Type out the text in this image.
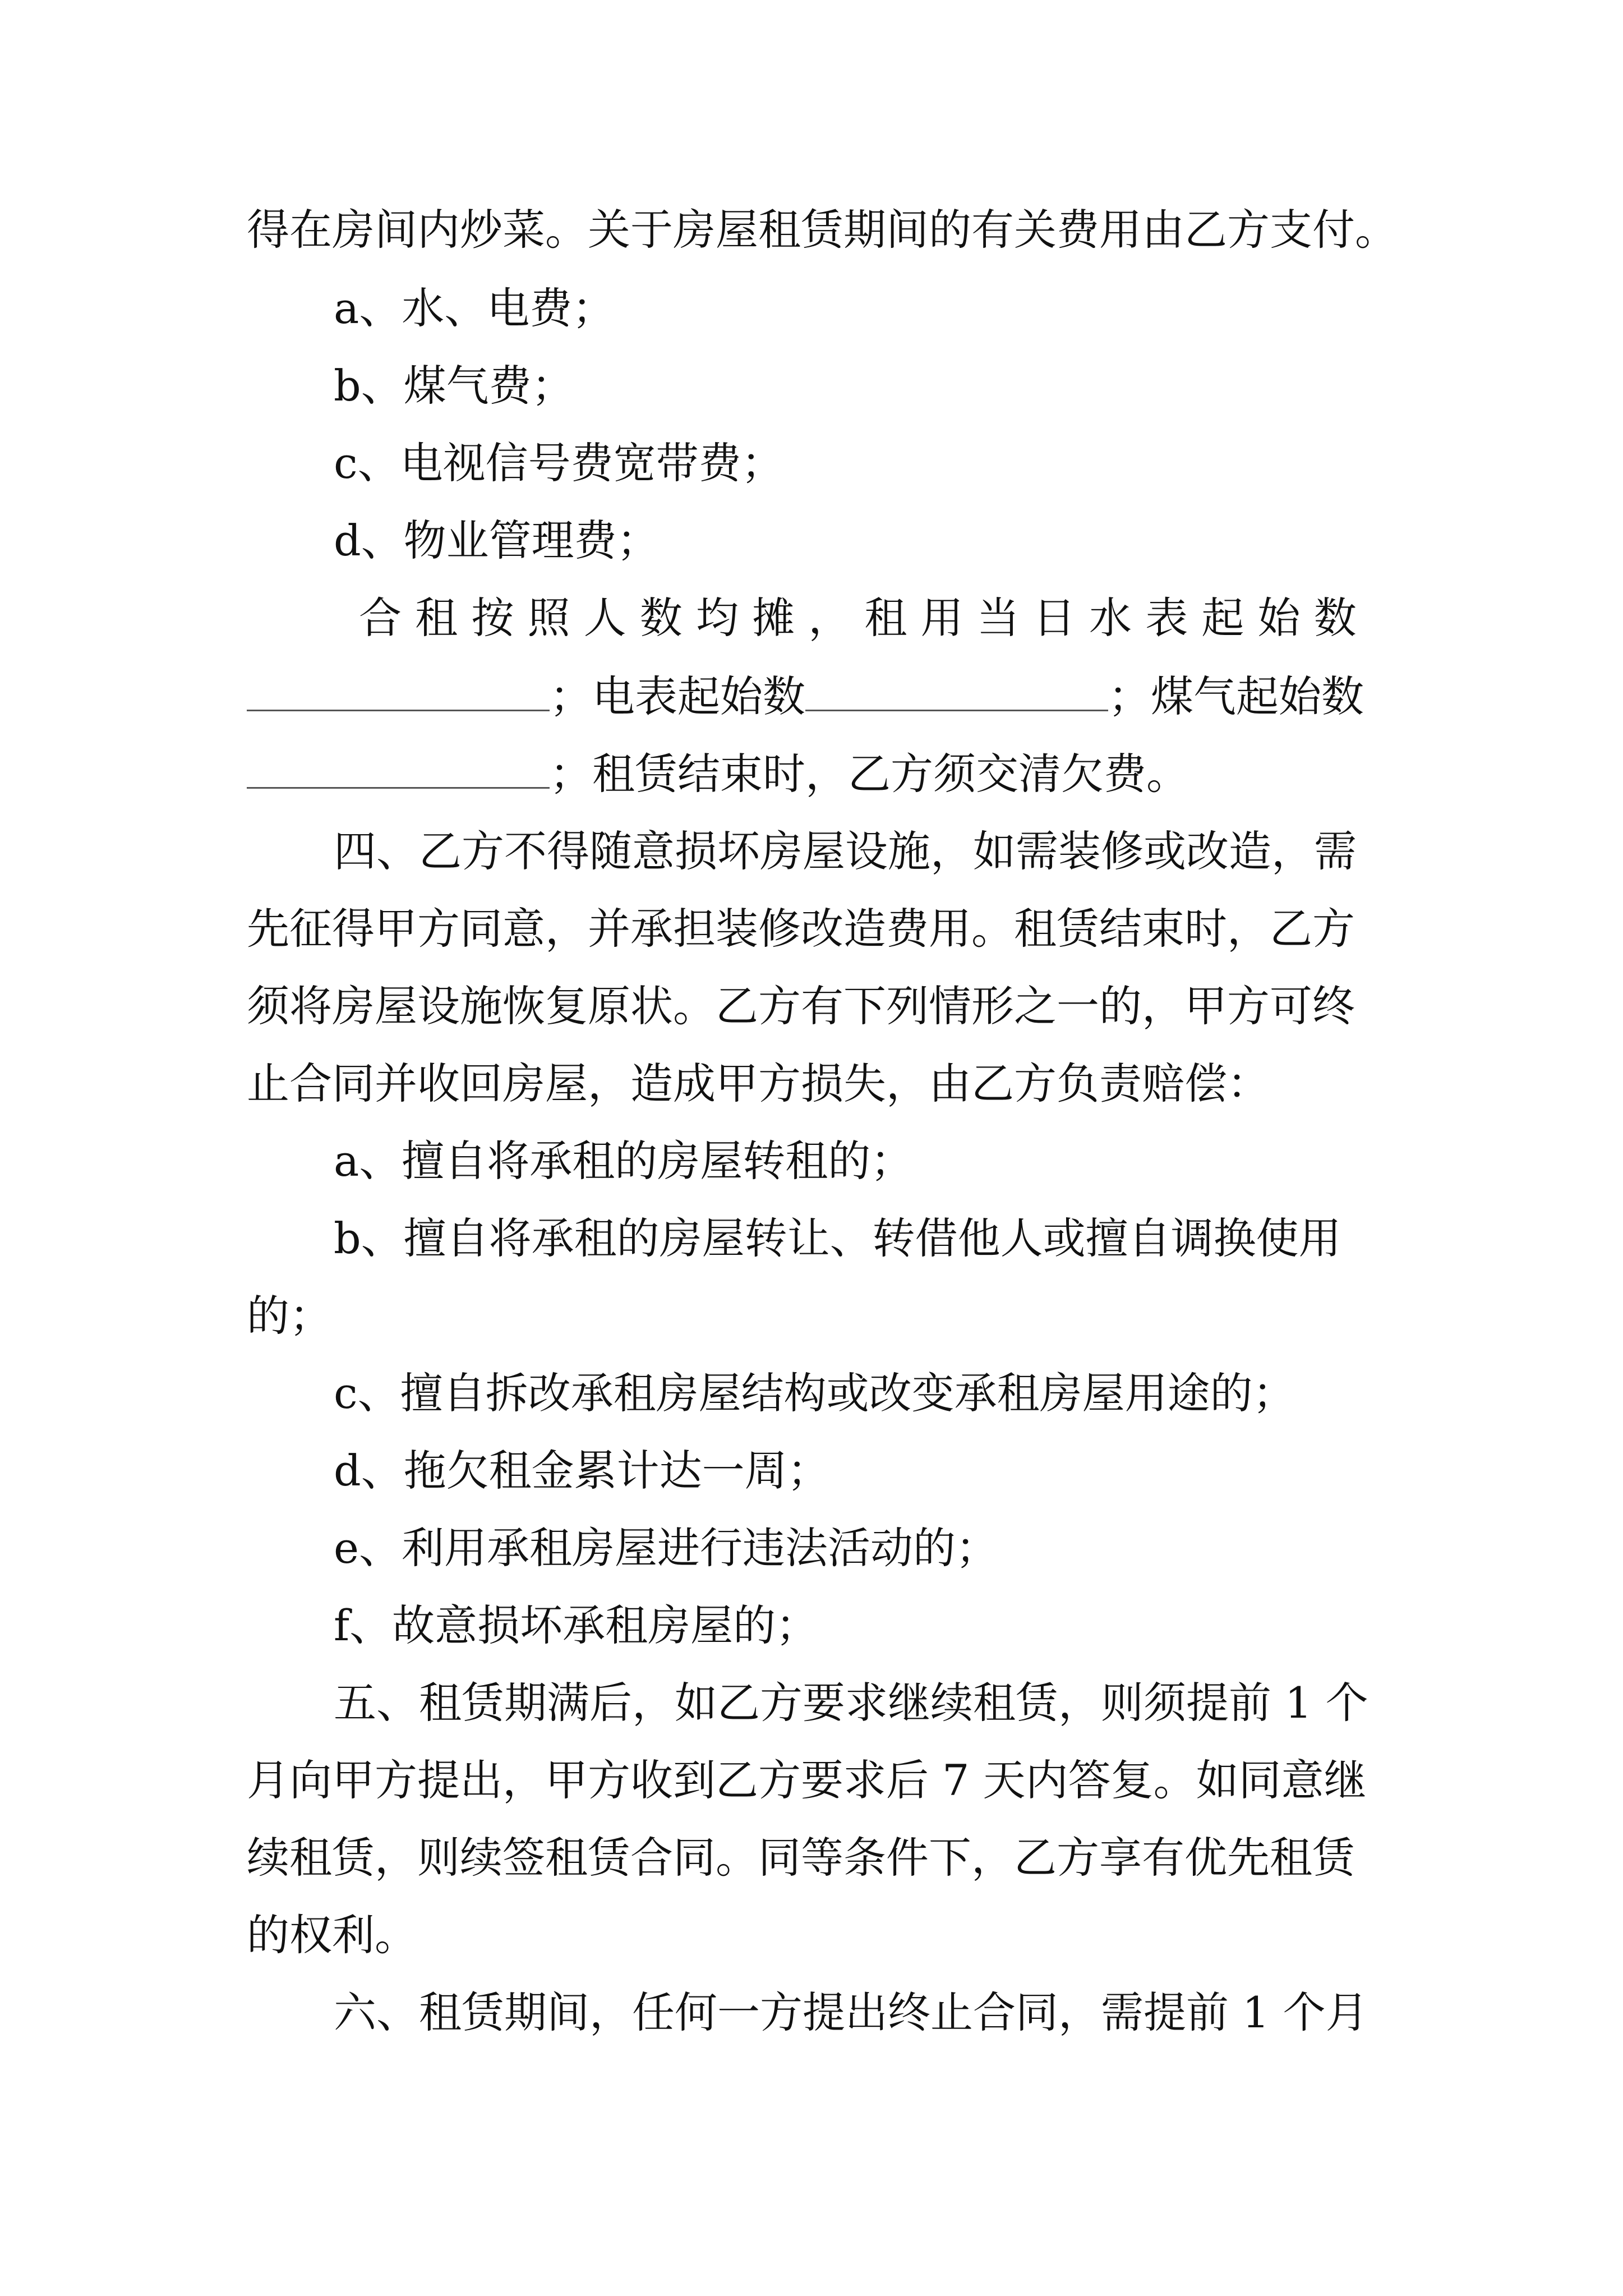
得在房间内炒菜。关于房屋租赁期间的有关费用由乙方支付。
a、水、电费；
b、煤气费；
c、电视信号费宽带费；
d、物业管理费；
合 租 按 照 人 数 均 摊 ， 租 用 当 日 水 表 起 始 数
；电表起始数	；煤气起始数
；租赁结束时，乙方须交清欠费。
四、乙方不得随意损坏房屋设施，如需装修或改造，需
先征得甲方同意，并承担装修改造费用。租赁结束时，乙方
须将房屋设施恢复原状。乙方有下列情形之一的，甲方可终
止合同并收回房屋，造成甲方损失，由乙方负责赔偿：
a、擅自将承租的房屋转租的；
b、擅自将承租的房屋转让、转借他人或擅自调换使用
的；
c、擅自拆改承租房屋结构或改变承租房屋用途的；
d、拖欠租金累计达一周；
e、利用承租房屋进行违法活动的；
f、故意损坏承租房屋的；
五、租赁期满后，如乙方要求继续租赁，则须提前 1 个
月向甲方提出，甲方收到乙方要求后 7 天内答复。如同意继
续租赁，则续签租赁合同。同等条件下，乙方享有优先租赁
的权利。
六、租赁期间，任何一方提出终止合同，需提前 1 个月
